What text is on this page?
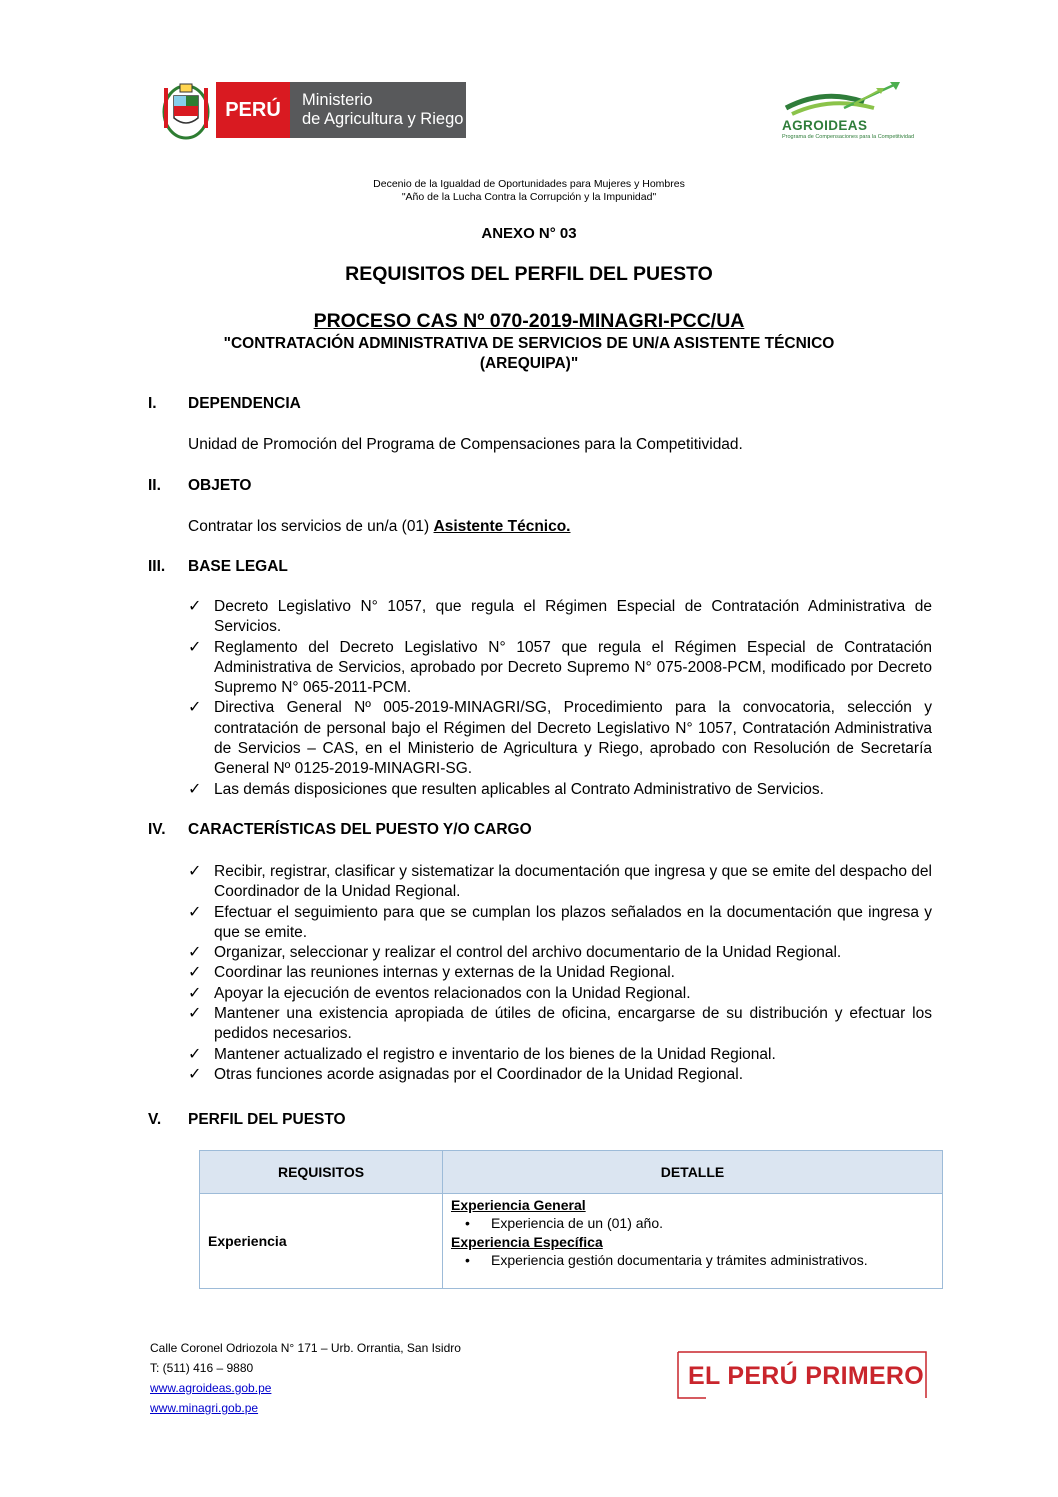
PERÚ	Ministerio
de Agricultura y Riego	AGROIDEAS
Programa de Compensaciones para la Competitividad
Decenio de la Igualdad de Oportunidades para Mujeres y Hombres
"Año de la Lucha Contra la Corrupción y la Impunidad"
ANEXO N° 03
REQUISITOS DEL PERFIL DEL PUESTO
PROCESO CAS Nº 070-2019-MINAGRI-PCC/UA
"CONTRATACIÓN ADMINISTRATIVA DE SERVICIOS DE UN/A ASISTENTE TÉCNICO
(AREQUIPA)"
I. DEPENDENCIA
Unidad de Promoción del Programa de Compensaciones para la Competitividad.
II. OBJETO
Contratar los servicios de un/a (01) Asistente Técnico.
III. BASE LEGAL
✓ Decreto Legislativo N° 1057, que regula el Régimen Especial de Contratación Administrativa de Servicios.
✓ Reglamento del Decreto Legislativo N° 1057 que regula el Régimen Especial de Contratación Administrativa de Servicios, aprobado por Decreto Supremo N° 075-2008-PCM, modificado por Decreto Supremo N° 065-2011-PCM.
✓ Directiva General Nº 005-2019-MINAGRI/SG, Procedimiento para la convocatoria, selección y contratación de personal bajo el Régimen del Decreto Legislativo N° 1057, Contratación Administrativa de Servicios – CAS, en el Ministerio de Agricultura y Riego, aprobado con Resolución de Secretaría General Nº 0125-2019-MINAGRI-SG.
✓ Las demás disposiciones que resulten aplicables al Contrato Administrativo de Servicios.
IV. CARACTERÍSTICAS DEL PUESTO Y/O CARGO
✓ Recibir, registrar, clasificar y sistematizar la documentación que ingresa y que se emite del despacho del Coordinador de la Unidad Regional.
✓ Efectuar el seguimiento para que se cumplan los plazos señalados en la documentación que ingresa y que se emite.
✓ Organizar, seleccionar y realizar el control del archivo documentario de la Unidad Regional.
✓ Coordinar las reuniones internas y externas de la Unidad Regional.
✓ Apoyar la ejecución de eventos relacionados con la Unidad Regional.
✓ Mantener una existencia apropiada de útiles de oficina, encargarse de su distribución y efectuar los pedidos necesarios.
✓ Mantener actualizado el registro e inventario de los bienes de la Unidad Regional.
✓ Otras funciones acorde asignadas por el Coordinador de la Unidad Regional.
V. PERFIL DEL PUESTO
REQUISITOS	DETALLE
Experiencia	Experiencia General
• Experiencia de un (01) año.
Experiencia Específica
• Experiencia gestión documentaria y trámites administrativos.
Calle Coronel Odriozola N° 171 – Urb. Orrantia, San Isidro
T: (511) 416 – 9880
www.agroideas.gob.pe
www.minagri.gob.pe
EL PERÚ PRIMERO
